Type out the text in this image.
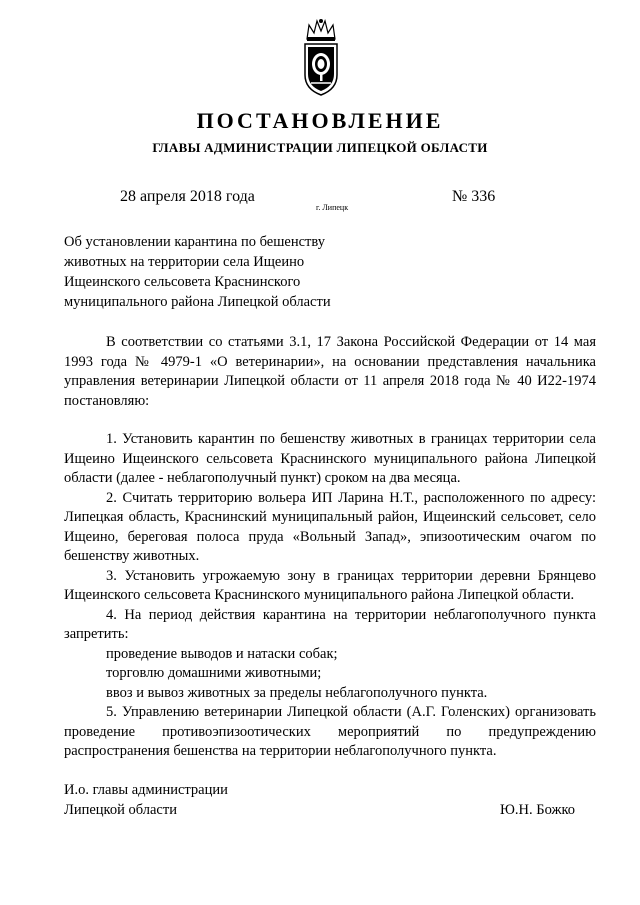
ПОСТАНОВЛЕНИЕ
ГЛАВЫ АДМИНИСТРАЦИИ ЛИПЕЦКОЙ ОБЛАСТИ
28 апреля 2018 года
г. Липецк
№ 336
Об установлении карантина по бешенству
животных на территории села Ищеино
Ищеинского сельсовета Краснинского
муниципального района Липецкой области

В соответствии со статьями 3.1, 17 Закона Российской Федерации от 14 мая 1993 года № 4979-1 «О ветеринарии», на основании представления начальника управления ветеринарии Липецкой области от 11 апреля 2018 года № 40 И22-1974 постановляю:

1. Установить карантин по бешенству животных в границах территории села Ищеино Ищеинского сельсовета Краснинского муниципального района Липецкой области (далее - неблагополучный пункт) сроком на два месяца.

2. Считать территорию вольера ИП Ларина Н.Т., расположенного по адресу: Липецкая область, Краснинский муниципальный район, Ищеинский сельсовет, село Ищеино, береговая полоса пруда «Вольный Запад», эпизоотическим очагом по бешенству животных.

3. Установить угрожаемую зону в границах территории деревни Брянцево Ищеинского сельсовета Краснинского муниципального района Липецкой области.

4. На период действия карантина на территории неблагополучного пункта запретить:

проведение выводов и натаски собак;

торговлю домашними животными;

ввоз и вывоз животных за пределы неблагополучного пункта.

5. Управлению ветеринарии Липецкой области (А.Г. Голенских) организовать проведение противоэпизоотических мероприятий по предупреждению распространения бешенства на территории неблагополучного пункта.

И.о. главы администрации
Липецкой области	Ю.Н. Божко
